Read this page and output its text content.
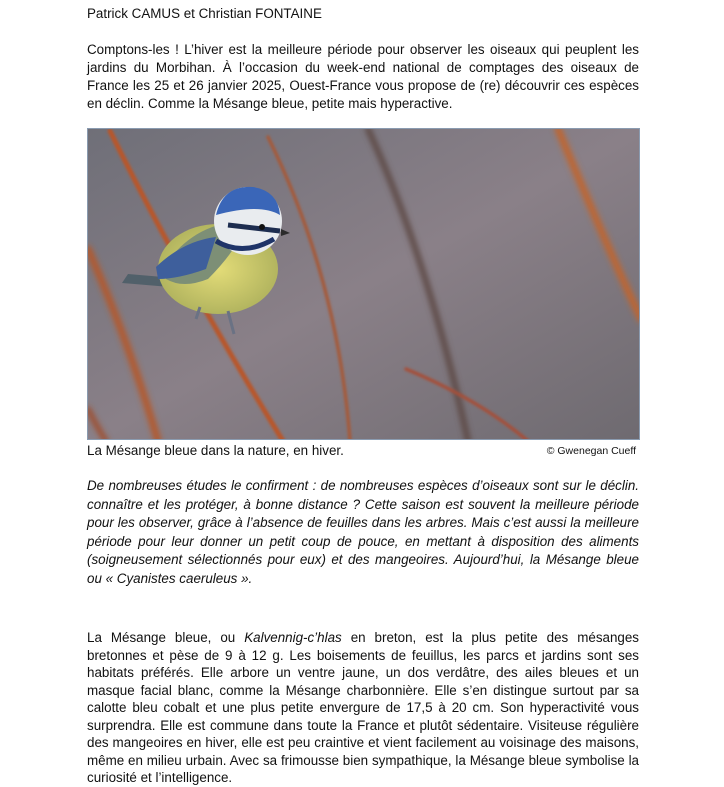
Patrick CAMUS et Christian FONTAINE
Comptons-les ! L’hiver est la meilleure période pour observer les oiseaux qui peuplent les jardins du Morbihan. À l’occasion du week-end national de comptages des oiseaux de France les 25 et 26 janvier 2025, Ouest-France vous propose de (re) découvrir ces espèces en déclin. Comme la Mésange bleue, petite mais hyperactive.
La Mésange bleue dans la nature, en hiver.	© Gwenegan Cueff
De nombreuses études le confirment : de nombreuses espèces d’oiseaux sont sur le déclin. connaître et les protéger, à bonne distance ? Cette saison est souvent la meilleure période pour les observer, grâce à l’absence de feuilles dans les arbres. Mais c’est aussi la meilleure période pour leur donner un petit coup de pouce, en mettant à disposition des aliments (soigneusement sélectionnés pour eux) et des mangeoires. Aujourd’hui, la Mésange bleue ou « Cyanistes caeruleus ».
La Mésange bleue, ou Kalvennig-c’hlas en breton, est la plus petite des mésanges bretonnes et pèse de 9 à 12 g. Les boisements de feuillus, les parcs et jardins sont ses habitats préférés. Elle arbore un ventre jaune, un dos verdâtre, des ailes bleues et un masque facial blanc, comme la Mésange charbonnière. Elle s’en distingue surtout par sa calotte bleu cobalt et une plus petite envergure de 17,5 à 20 cm. Son hyperactivité vous surprendra. Elle est commune dans toute la France et plutôt sédentaire. Visiteuse régulière des mangeoires en hiver, elle est peu craintive et vient facilement au voisinage des maisons, même en milieu urbain. Avec sa frimousse bien sympathique, la Mésange bleue symbolise la curiosité et l’intelligence.
